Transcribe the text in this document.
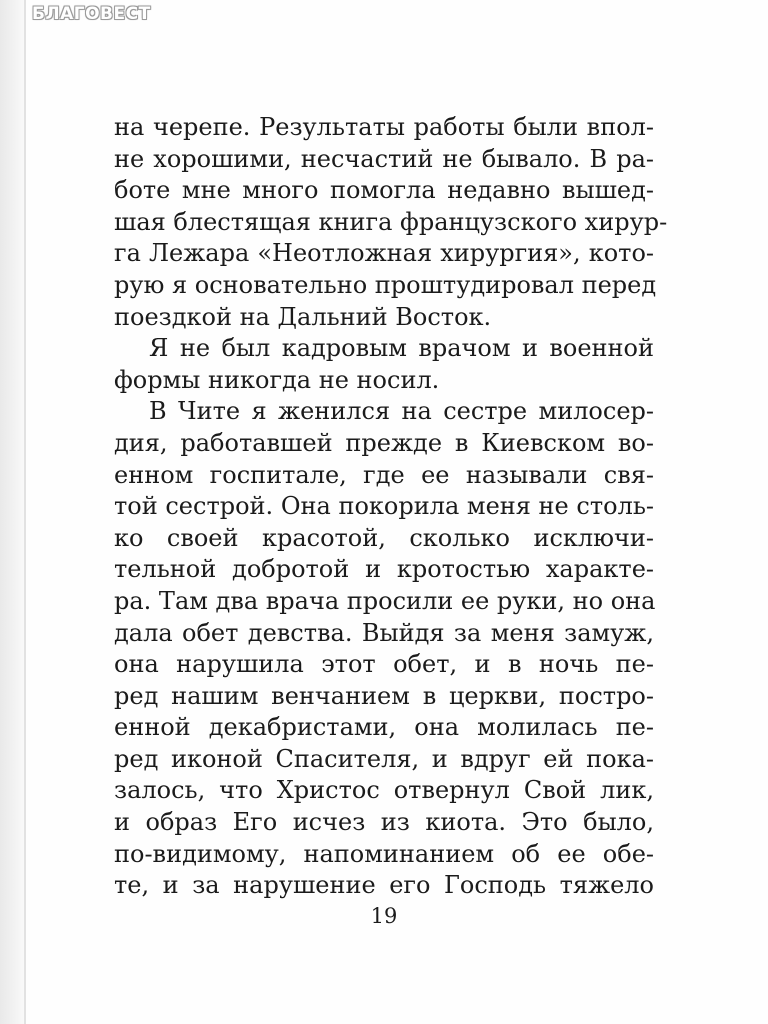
БЛАГОВЕСТ
на черепе. Результаты работы были впол-
не хорошими, несчастий не бывало. В ра-
боте мне много помогла недавно вышед-
шая блестящая книга французского хирур-
га Лежара «Неотложная хирургия», кото-
рую я основательно проштудировал перед
поездкой на Дальний Восток.
Я не был кадровым врачом и военной
формы никогда не носил.
В Чите я женился на сестре милосер-
дия, работавшей прежде в Киевском во-
енном госпитале, где ее называли свя-
той сестрой. Она покорила меня не столь-
ко своей красотой, сколько исключи-
тельной добротой и кротостью характе-
ра. Там два врача просили ее руки, но она
дала обет девства. Выйдя за меня замуж,
она нарушила этот обет, и в ночь пе-
ред нашим венчанием в церкви, постро-
енной декабристами, она молилась пе-
ред иконой Спасителя, и вдруг ей пока-
залось, что Христос отвернул Свой лик,
и образ Его исчез из киота. Это было,
по-видимому, напоминанием об ее обе-
те, и за нарушение его Господь тяжело
19
